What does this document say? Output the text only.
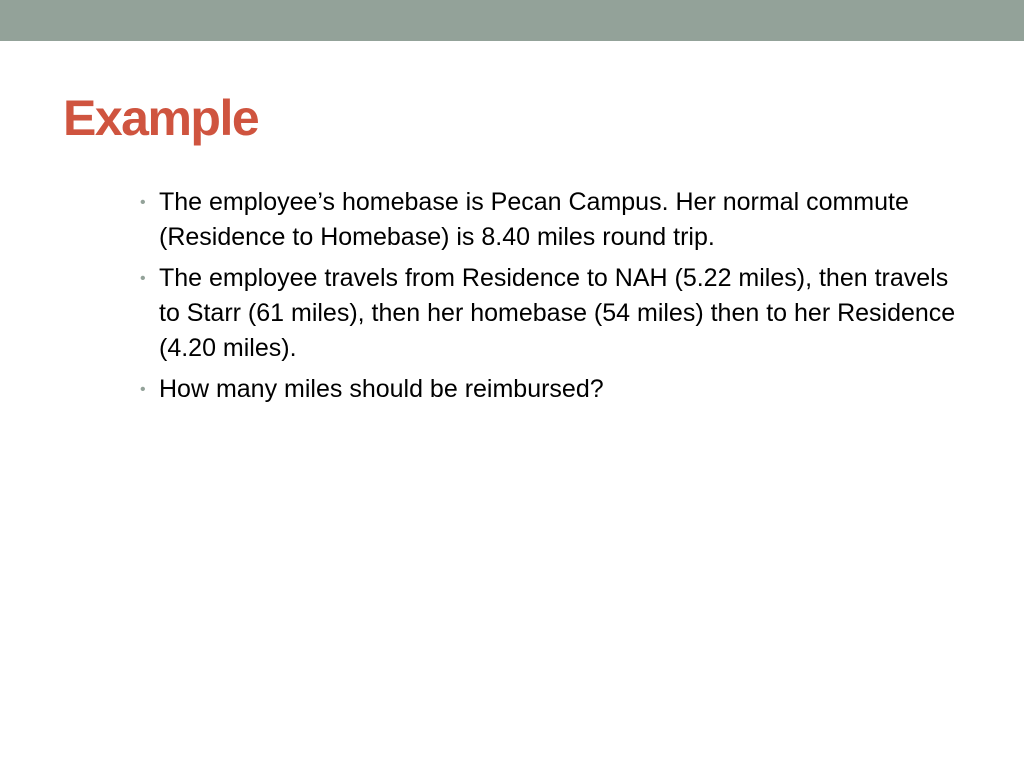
Example
• The employee’s homebase is Pecan Campus. Her normal commute (Residence to Homebase) is 8.40 miles round trip.
• The employee travels from Residence to NAH (5.22 miles), then travels to Starr (61 miles), then her homebase (54 miles) then to her Residence (4.20 miles).
• How many miles should be reimbursed?
